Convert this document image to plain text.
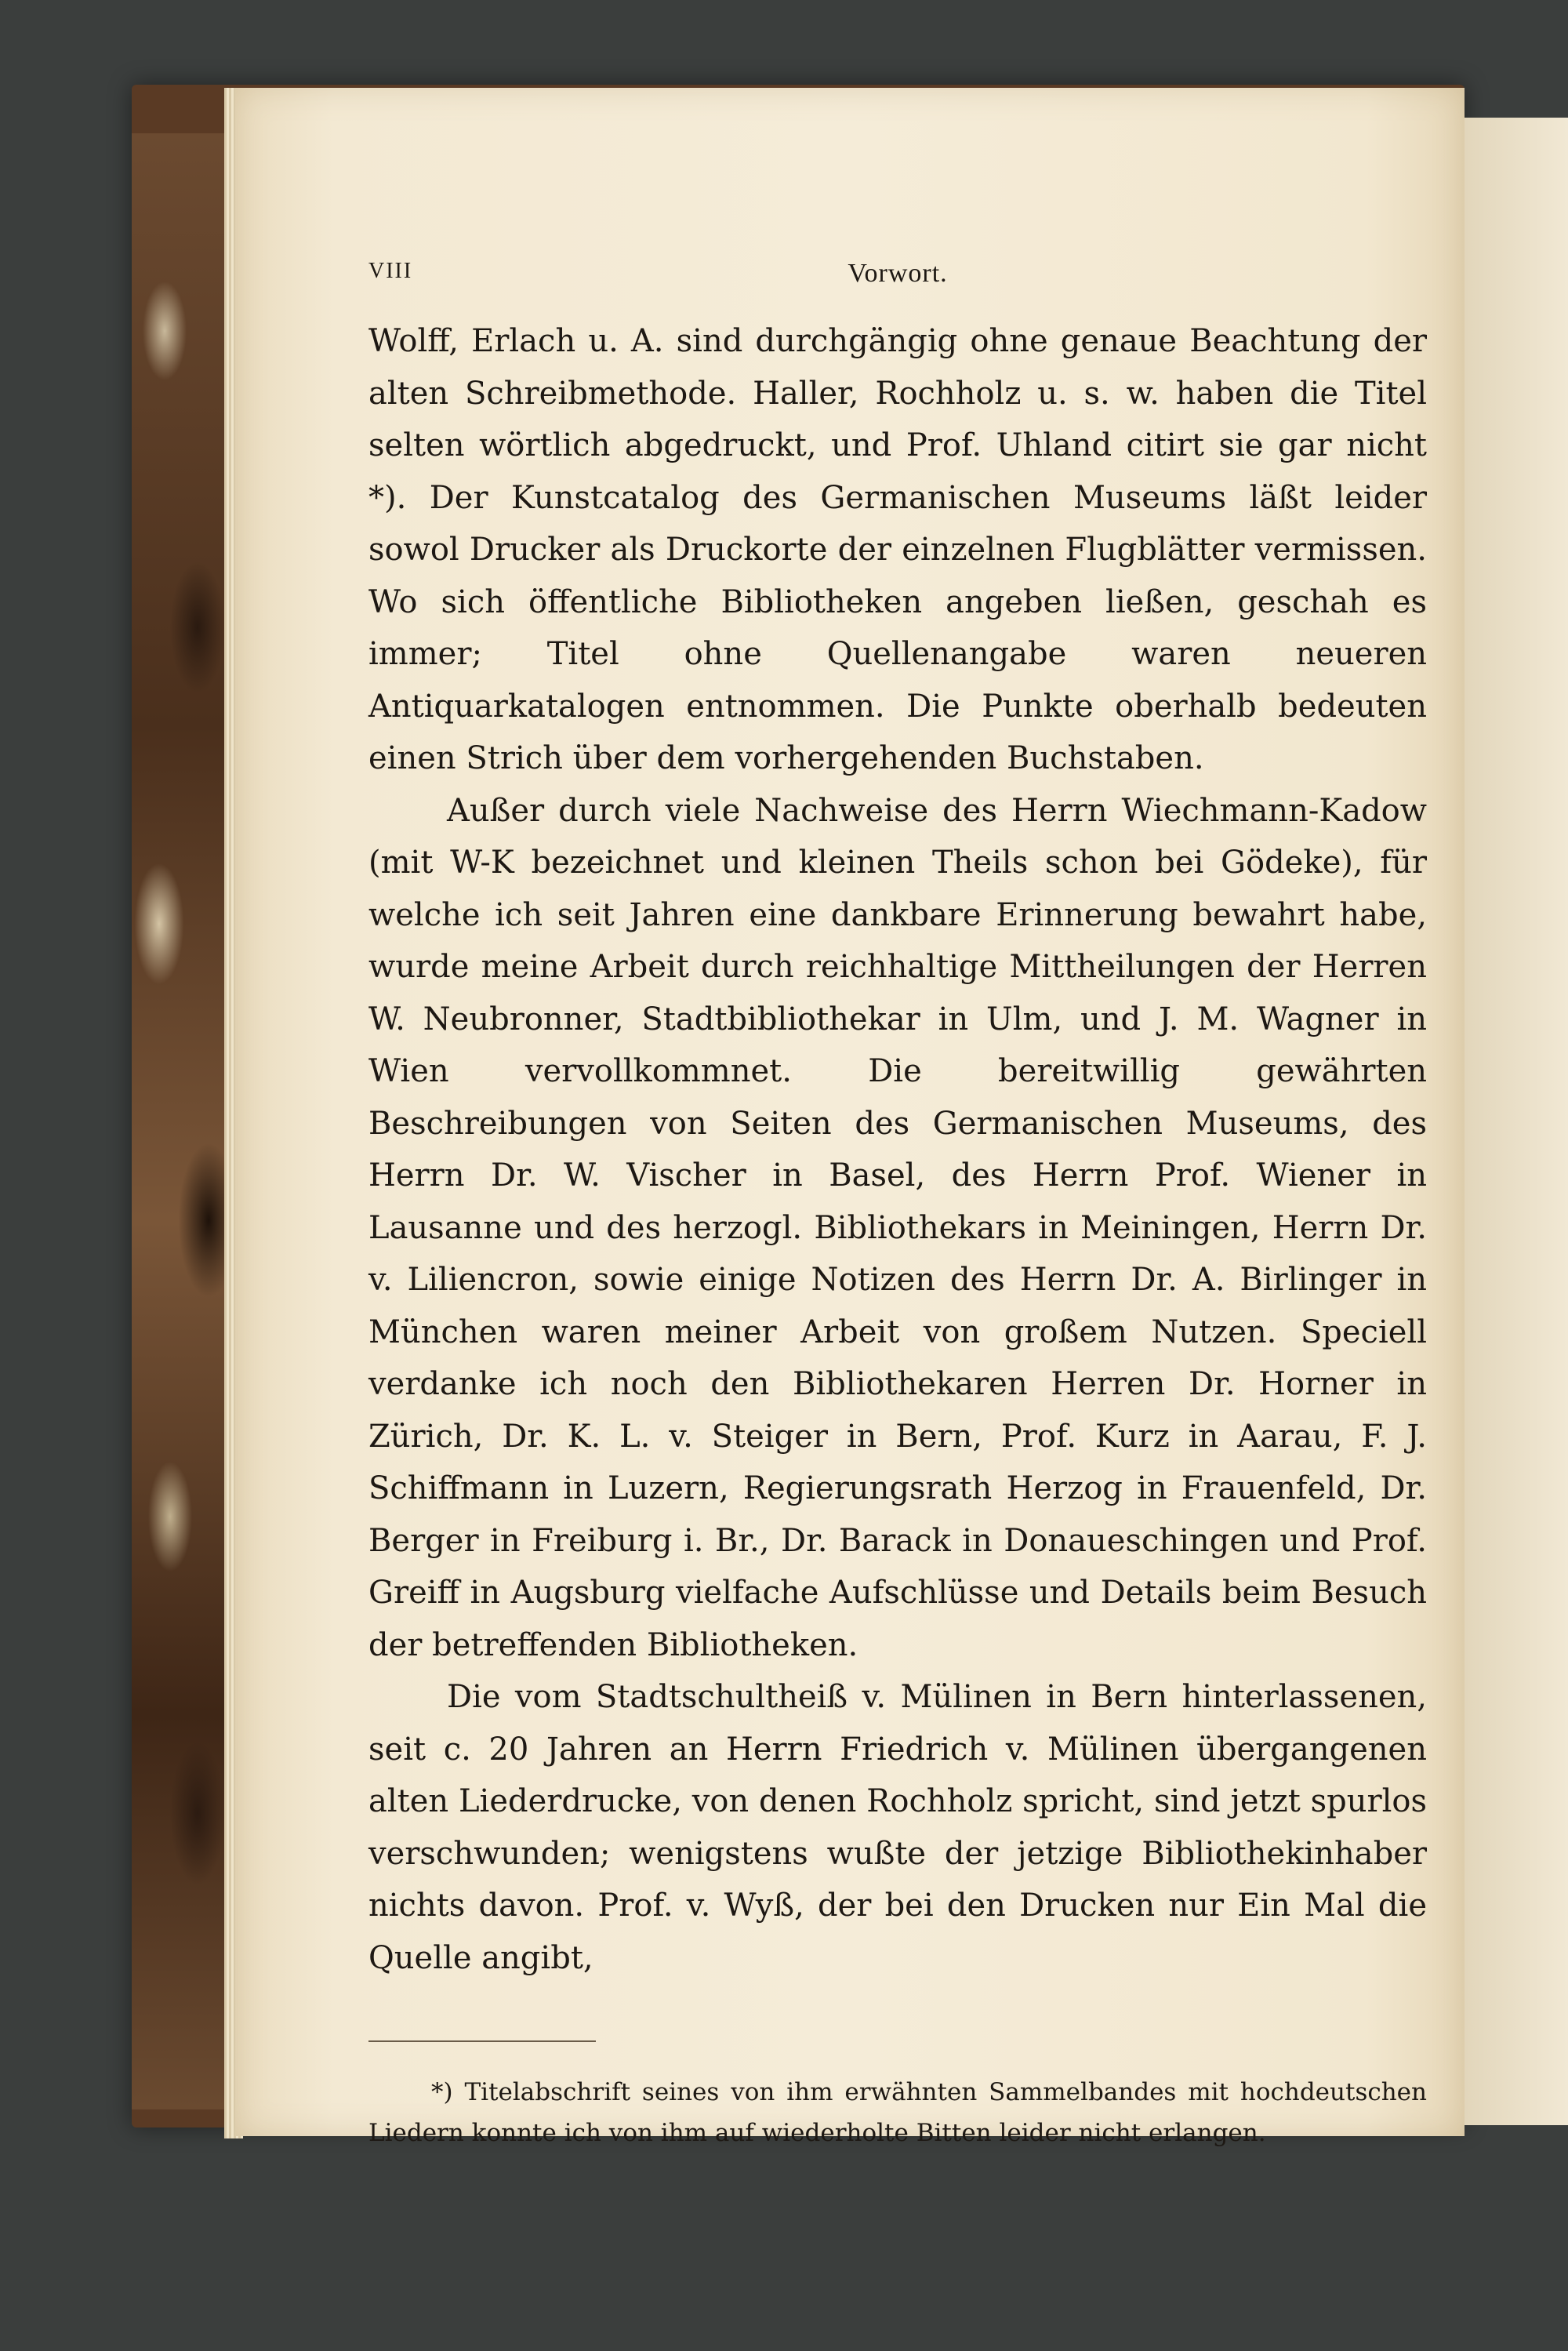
VIII	Vorwort.

Wolff, Erlach u. A. sind durchgängig ohne genaue Beachtung der alten Schreibmethode. Haller, Rochholz u. s. w. haben die Titel selten wörtlich abgedruckt, und Prof. Uhland citirt sie gar nicht *). Der Kunstcatalog des Germanischen Museums läßt leider sowol Drucker als Druckorte der einzelnen Flugblätter vermissen. Wo sich öffentliche Bibliotheken angeben ließen, geschah es immer; Titel ohne Quellenangabe waren neueren Antiquarkatalogen entnommen. Die Punkte oberhalb bedeuten einen Strich über dem vorhergehenden Buchstaben.

Außer durch viele Nachweise des Herrn Wiechmann-Kadow (mit W-K bezeichnet und kleinen Theils schon bei Gödeke), für welche ich seit Jahren eine dankbare Erinnerung bewahrt habe, wurde meine Arbeit durch reichhaltige Mittheilungen der Herren W. Neubronner, Stadtbibliothekar in Ulm, und J. M. Wagner in Wien vervollkommnet. Die bereitwillig gewährten Beschreibungen von Seiten des Germanischen Museums, des Herrn Dr. W. Vischer in Basel, des Herrn Prof. Wiener in Lausanne und des herzogl. Bibliothekars in Meiningen, Herrn Dr. v. Liliencron, sowie einige Notizen des Herrn Dr. A. Birlinger in München waren meiner Arbeit von großem Nutzen. Speciell verdanke ich noch den Bibliothekaren Herren Dr. Horner in Zürich, Dr. K. L. v. Steiger in Bern, Prof. Kurz in Aarau, F. J. Schiffmann in Luzern, Regierungsrath Herzog in Frauenfeld, Dr. Berger in Freiburg i. Br., Dr. Barack in Donaueschingen und Prof. Greiff in Augsburg vielfache Aufschlüsse und Details beim Besuch der betreffenden Bibliotheken.

Die vom Stadtschultheiß v. Mülinen in Bern hinterlassenen, seit c. 20 Jahren an Herrn Friedrich v. Mülinen übergangenen alten Liederdrucke, von denen Rochholz spricht, sind jetzt spurlos verschwunden; wenigstens wußte der jetzige Bibliothekinhaber nichts davon. Prof. v. Wyß, der bei den Drucken nur Ein Mal die Quelle angibt,

*) Titelabschrift seines von ihm erwähnten Sammelbandes mit hochdeutschen Liedern konnte ich von ihm auf wiederholte Bitten leider nicht erlangen.
